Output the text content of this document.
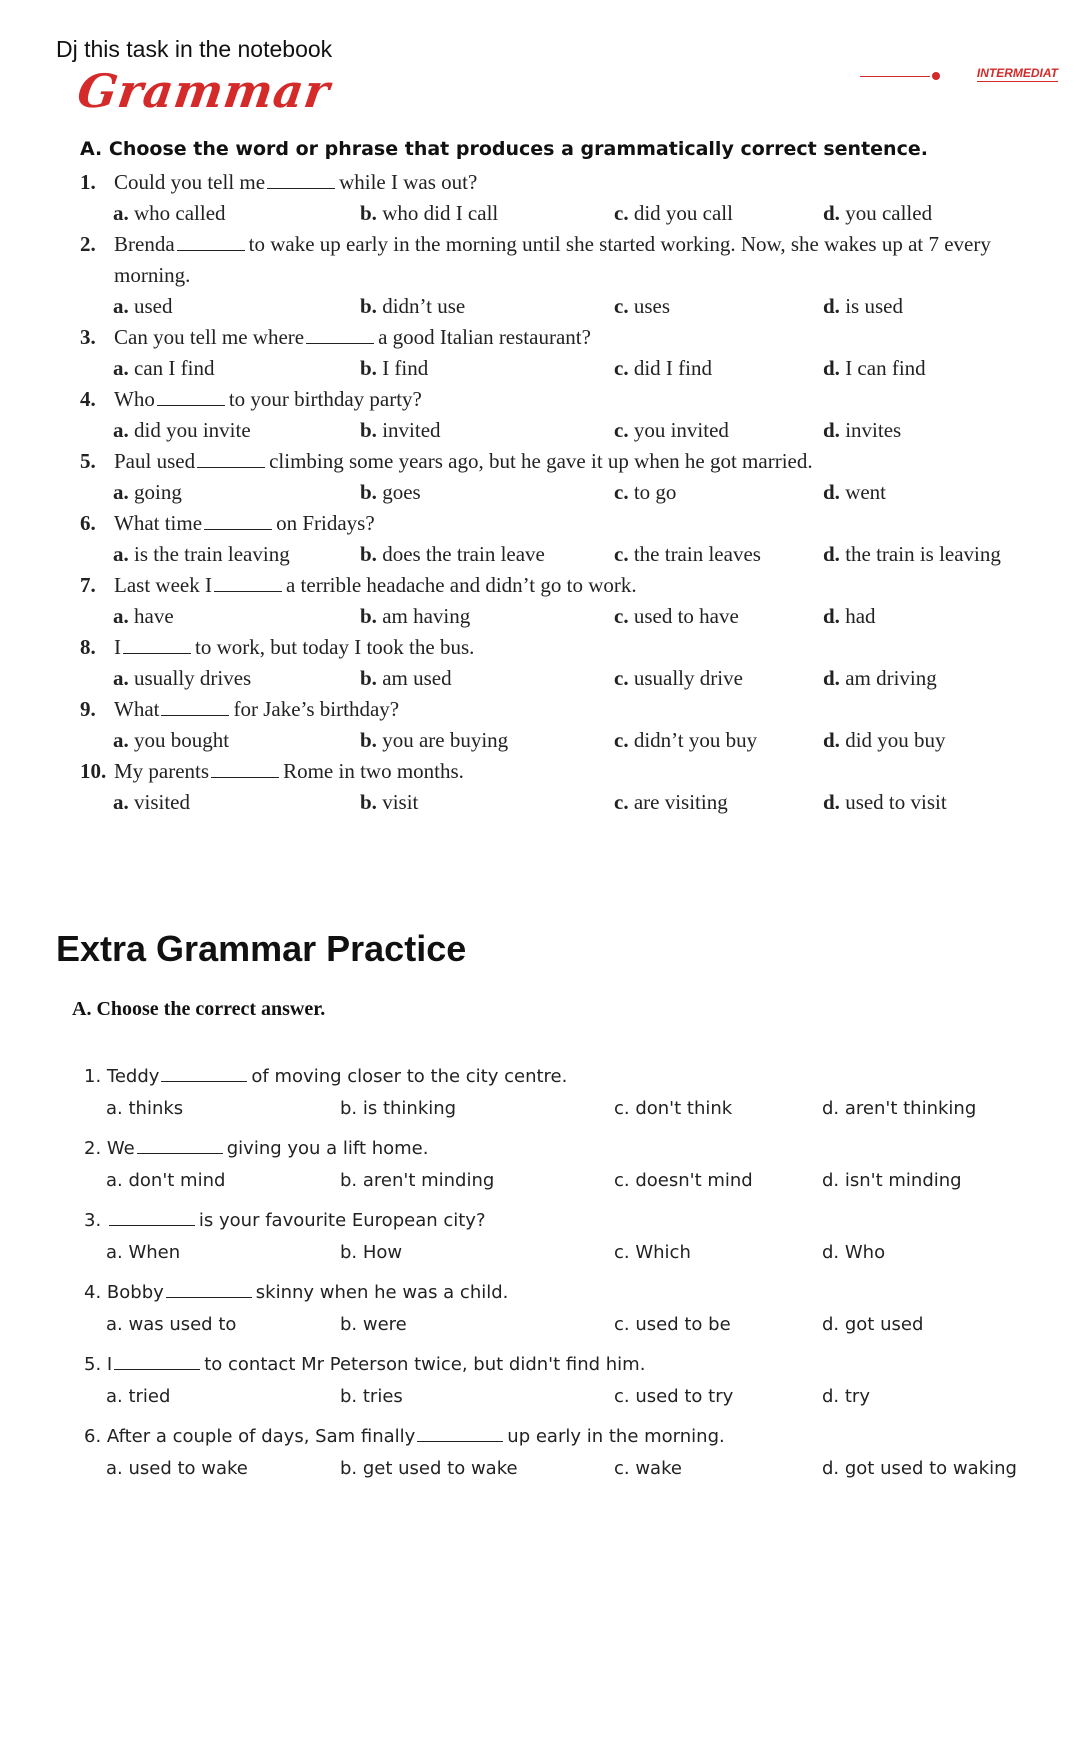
Dj this task in the notebook
Grammar	INTERMEDIAT
A. Choose the word or phrase that produces a grammatically correct sentence.
1. Could you tell me	while I was out?
a. who called	b. who did I call	c. did you call	d. you called
2. Brenda	to wake up early in the morning until she started working. Now, she wakes up at 7 every
morning.
a. used	b. didn’t use	c. uses	d. is used
3. Can you tell me where	a good Italian restaurant?
a. can I find	b. I find	c. did I find	d. I can find
4. Who	to your birthday party?
a. did you invite	b. invited	c. you invited	d. invites
5. Paul used	climbing some years ago, but he gave it up when he got married.
a. going	b. goes	c. to go	d. went
6. What time	on Fridays?
a. is the train leaving	b. does the train leave	c. the train leaves	d. the train is leaving
7. Last week I	a terrible headache and didn’t go to work.
a. have	b. am having	c. used to have	d. had
8. I	to work, but today I took the bus.
a. usually drives	b. am used	c. usually drive	d. am driving
9. What	for Jake’s birthday?
a. you bought	b. you are buying	c. didn’t you buy	d. did you buy
10. My parents	Rome in two months.
a. visited	b. visit	c. are visiting	d. used to visit
Extra Grammar Practice
A. Choose the correct answer.
1. Teddy	of moving closer to the city centre.
a. thinks	b. is thinking	c. don't think	d. aren't thinking
2. We	giving you a lift home.
a. don't mind	b. aren't minding	c. doesn't mind	d. isn't minding
3.	is your favourite European city?
a. When	b. How	c. Which	d. Who
4. Bobby	skinny when he was a child.
a. was used to	b. were	c. used to be	d. got used
5. I	to contact Mr Peterson twice, but didn't find him.
a. tried	b. tries	c. used to try	d. try
6. After a couple of days, Sam finally	up early in the morning.
a. used to wake	b. get used to wake	c. wake	d. got used to waking
